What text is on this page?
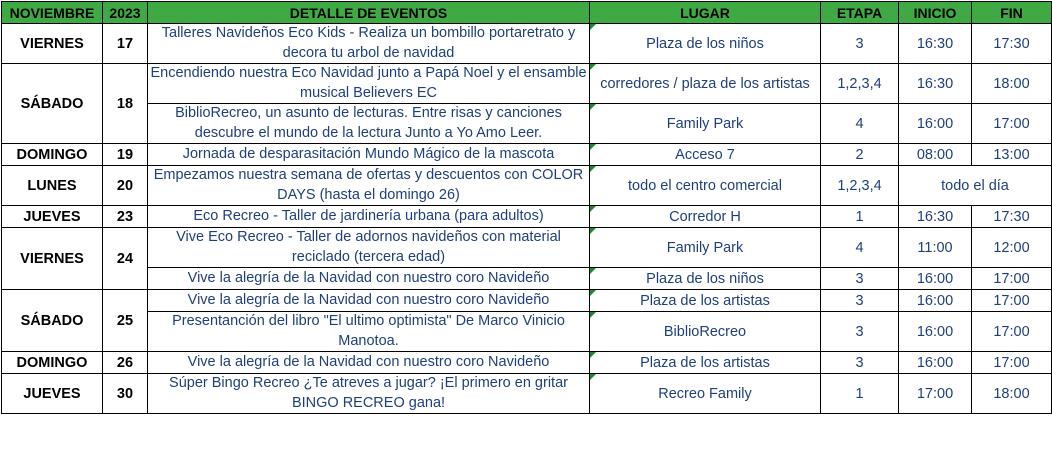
NOVIEMBRE	2023	DETALLE DE EVENTOS	LUGAR	ETAPA	INICIO	FIN
VIERNES	17	Talleres Navideños Eco Kids - Realiza un bombillo portaretrato y decora tu arbol de navidad	Plaza de los niños	3	16:30	17:30
SÁBADO	18	Encendiendo nuestra Eco Navidad junto a Papá Noel y el ensamble musical Believers EC	corredores / plaza de los artistas	1,2,3,4	16:30	18:00
		BiblioRecreo, un asunto de lecturas. Entre risas y canciones descubre el mundo de la lectura Junto a Yo Amo Leer.	Family Park	4	16:00	17:00
DOMINGO	19	Jornada de desparasitación Mundo Mágico de la mascota	Acceso 7	2	08:00	13:00
LUNES	20	Empezamos nuestra semana de ofertas y descuentos con COLOR DAYS (hasta el domingo 26)	todo el centro comercial	1,2,3,4	todo el día	
JUEVES	23	Eco Recreo - Taller de jardinería urbana (para adultos)	Corredor H	1	16:30	17:30
VIERNES	24	Vive Eco Recreo - Taller de adornos navideños con material reciclado (tercera edad)	Family Park	4	11:00	12:00
		Vive la alegría de la Navidad con nuestro coro Navideño	Plaza de los niños	3	16:00	17:00
SÁBADO	25	Vive la alegría de la Navidad con nuestro coro Navideño	Plaza de los artistas	3	16:00	17:00
		Presentanción del libro "El ultimo optimista" De Marco Vinicio Manotoa.	BiblioRecreo	3	16:00	17:00
DOMINGO	26	Vive la alegría de la Navidad con nuestro coro Navideño	Plaza de los artistas	3	16:00	17:00
JUEVES	30	Súper Bingo Recreo ¿Te atreves a jugar? ¡El primero en gritar BINGO RECREO gana!	Recreo Family	1	17:00	18:00
